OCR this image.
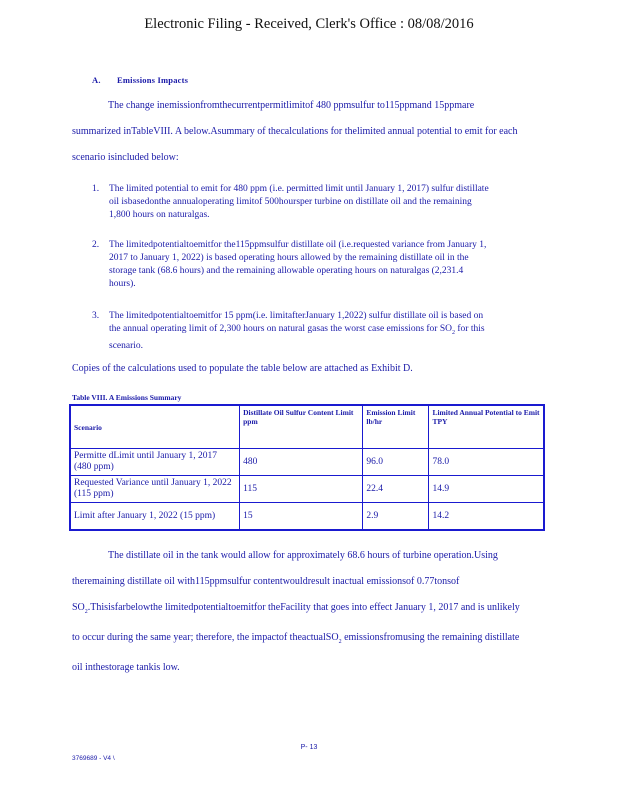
Electronic Filing - Received, Clerk's Office : 08/08/2016
A. Emissions Impacts

The change inemissionfromthecurrentpermitlimitof 480 ppmsulfur to115ppmand 15ppmare summarized inTableVIII. A below.Asummary of thecalculations for thelimited annual potential to emit for each scenario isincluded below:

1. The limited potential to emit for 480 ppm (i.e. permitted limit until January 1, 2017) sulfur distillate oil isbasedonthe annualoperating limitof 500hoursper turbine on distillate oil and the remaining 1,800 hours on naturalgas.
2. The limitedpotentialtoemitfor the115ppmsulfur distillate oil (i.e.requested variance from January 1, 2017 to January 1, 2022) is based operating hours allowed by the remaining distillate oil in the storage tank (68.6 hours) and the remaining allowable operating hours on naturalgas (2,231.4 hours).
3. The limitedpotentialtoemitfor 15 ppm(i.e. limitafterJanuary 1,2022) sulfur distillate oil is based on the annual operating limit of 2,300 hours on natural gasas the worst case emissions for $SO_2$ for this scenario.

Copies of the calculations used to populate the table below are attached as Exhibit D.

Table VIII. A Emissions Summary
Scenario	Distillate Oil Sulfur Content Limit ppm	Emission Limit lb/hr	Limited Annual Potential to Emit TPY
Permitte dLimit until January 1, 2017 (480 ppm)	480	96.0	78.0
Requested Variance until January 1, 2022 (115 ppm)	115	22.4	14.9
Limit after January 1, 2022 (15 ppm)	15	2.9	14.2

The distillate oil in the tank would allow for approximately 68.6 hours of turbine operation.Using theremaining distillate oil with115ppmsulfur contentwouldresult inactual emissionsof 0.77tonsof $SO_2.Thisisfarbelowthe$ limitedpotentialtoemitfor theFacility that goes into effect January 1, 2017 and is unlikely to occur during the same year; therefore, the impactof theactualSO$_2$ emissionsfromusing the remaining distillate oil inthestorage tankis low.

P- 13
3769689 - V4 \
